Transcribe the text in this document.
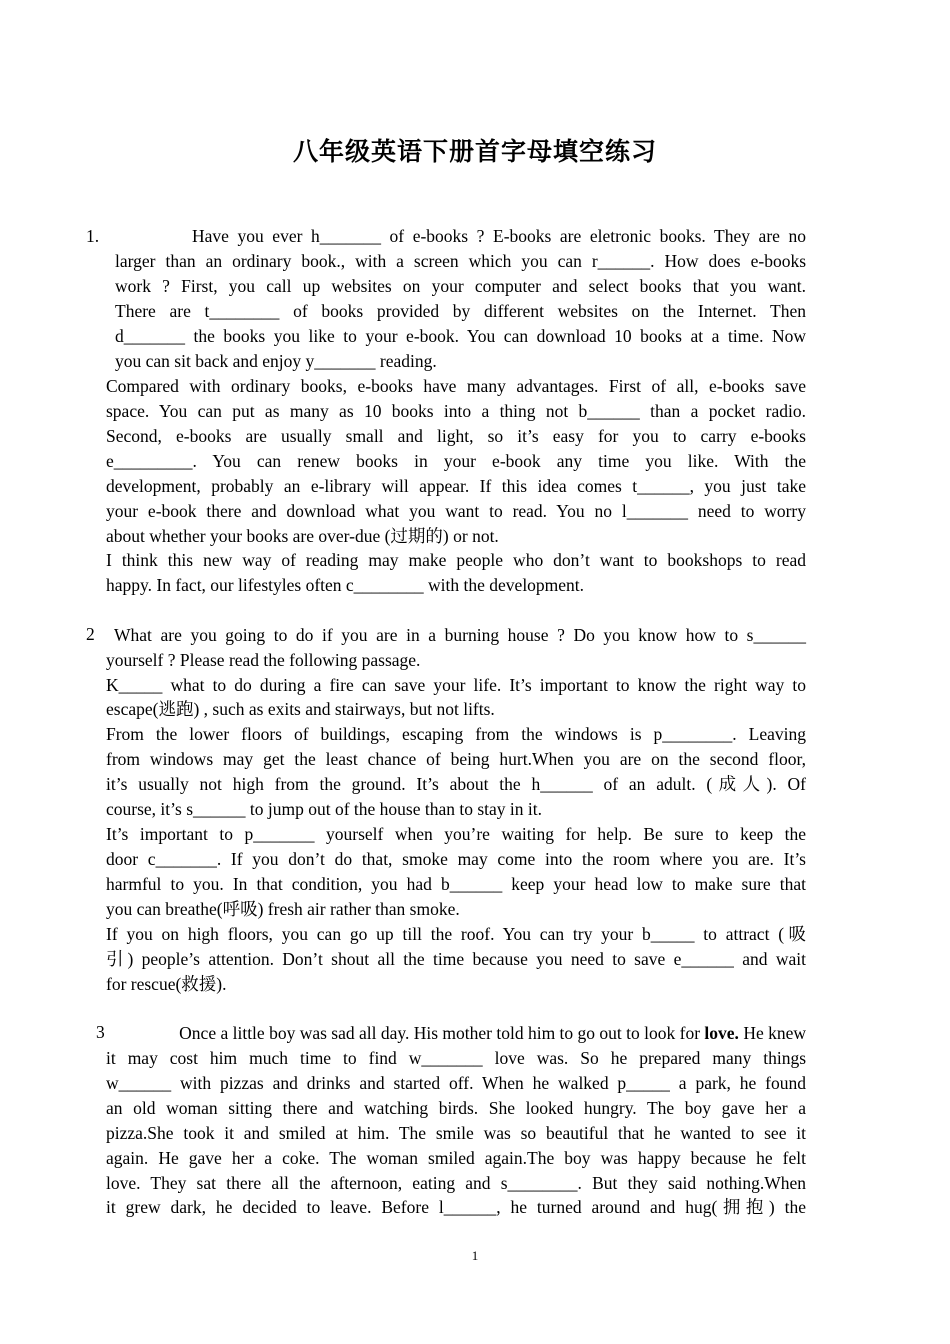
八年级英语下册首字母填空练习
1.	Have you ever h_______ of e-books ? E-books are eletronic books. They are no
larger than an ordinary book., with a screen which you can r______. How does e-books
work ? First, you call up websites on your computer and select books that you want.
There are t________ of books provided by different websites on the Internet. Then
d_______ the books you like to your e-book. You can download 10 books at a time. Now
you can sit back and enjoy y_______ reading.
Compared with ordinary books, e-books have many advantages. First of all, e-books save
space. You can put as many as 10 books into a thing not b______ than a pocket radio.
Second, e-books are usually small and light, so it’s easy for you to carry e-books
e_________. You can renew books in your e-book any time you like. With the
development, probably an e-library will appear. If this idea comes t______, you just take
your e-book there and download what you want to read. You no l_______ need to worry
about whether your books are over-due (过期的) or not.
I think this new way of reading may make people who don’t want to bookshops to read
happy. In fact, our lifestyles often c________ with the development.
2 What are you going to do if you are in a burning house ? Do you know how to s______
yourself ? Please read the following passage.
K_____ what to do during a fire can save your life. It’s important to know the right way to
escape(逃跑) , such as exits and stairways, but not lifts.
From the lower floors of buildings, escaping from the windows is p________. Leaving
from windows may get the least chance of being hurt.When you are on the second floor,
it’s usually not high from the ground. It’s about the h______ of an adult. (成人). Of
course, it’s s______ to jump out of the house than to stay in it.
It’s important to p_______ yourself when you’re waiting for help. Be sure to keep the
door c_______. If you don’t do that, smoke may come into the room where you are. It’s
harmful to you. In that condition, you had b______ keep your head low to make sure that
you can breathe(呼吸) fresh air rather than smoke.
If you on high floors, you can go up till the roof. You can try your b_____ to attract (吸
引) people’s attention. Don’t shout all the time because you need to save e______ and wait
for rescue(救援).
3	Once a little boy was sad all day. His mother told him to go out to look for love. He knew
it may cost him much time to find w_______ love was. So he prepared many things
w______ with pizzas and drinks and started off. When he walked p_____ a park, he found
an old woman sitting there and watching birds. She looked hungry. The boy gave her a
pizza.She took it and smiled at him. The smile was so beautiful that he wanted to see it
again. He gave her a coke. The woman smiled again.The boy was happy because he felt
love. They sat there all the afternoon, eating and s________. But they said nothing.When
it grew dark, he decided to leave. Before l______, he turned around and hug(拥抱) the
1
